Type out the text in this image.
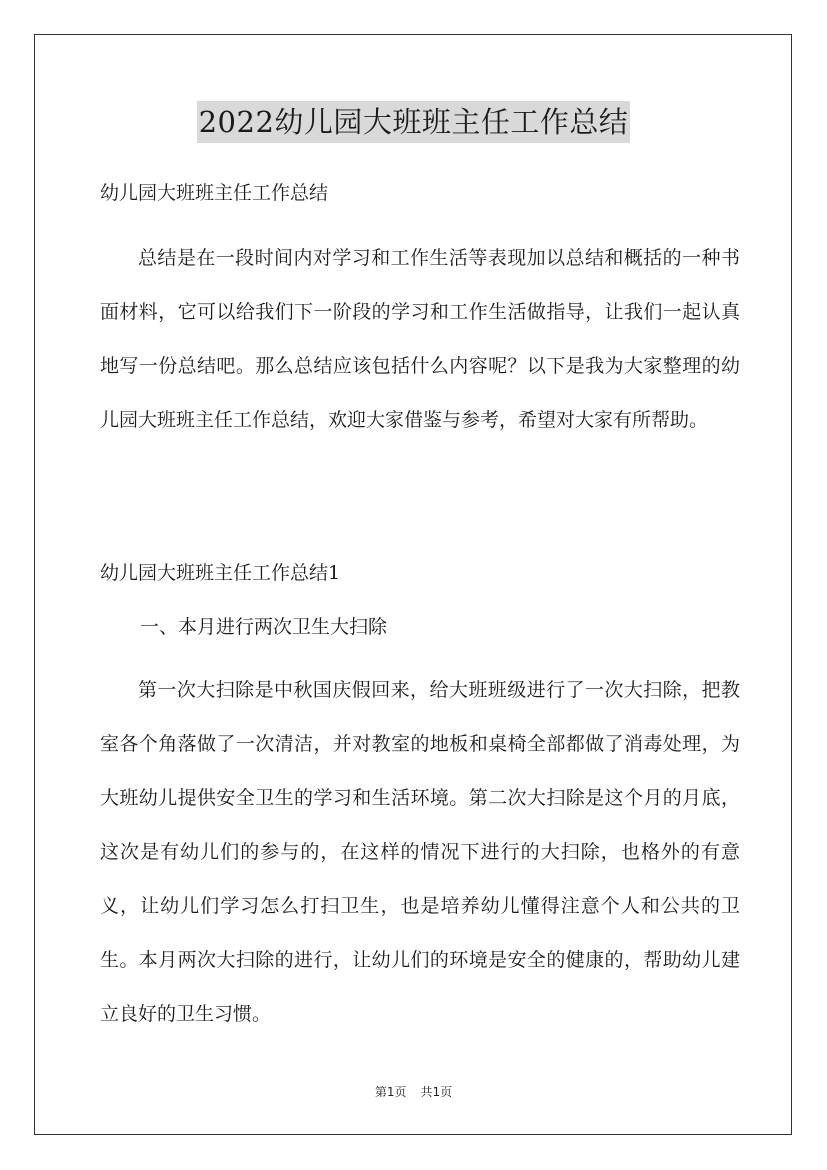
2022幼儿园大班班主任工作总结

幼儿园大班班主任工作总结

总结是在一段时间内对学习和工作生活等表现加以总结和概括的一种书面材料，它可以给我们下一阶段的学习和工作生活做指导，让我们一起认真地写一份总结吧。那么总结应该包括什么内容呢？以下是我为大家整理的幼儿园大班班主任工作总结，欢迎大家借鉴与参考，希望对大家有所帮助。

幼儿园大班班主任工作总结1

一、本月进行两次卫生大扫除

第一次大扫除是中秋国庆假回来，给大班班级进行了一次大扫除，把教室各个角落做了一次清洁，并对教室的地板和桌椅全部都做了消毒处理，为大班幼儿提供安全卫生的学习和生活环境。第二次大扫除是这个月的月底，这次是有幼儿们的参与的，在这样的情况下进行的大扫除，也格外的有意义，让幼儿们学习怎么打扫卫生，也是培养幼儿懂得注意个人和公共的卫生。本月两次大扫除的进行，让幼儿们的环境是安全的健康的，帮助幼儿建立良好的卫生习惯。

第1页 共1页
